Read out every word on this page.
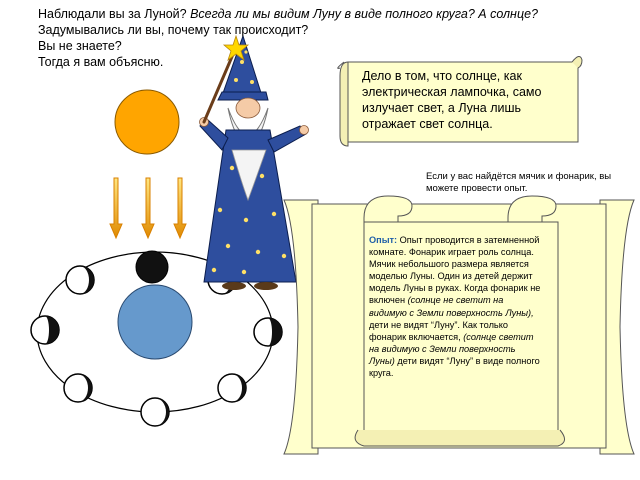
Наблюдали вы за Луной? Всегда ли мы видим Луну в виде полного круга? А солнце?
Задумывались ли вы, почему так происходит?
Вы не знаете?
Тогда я вам объясню.

Дело в том, что солнце, как электрическая лампочка, само излучает свет, а Луна лишь отражает свет солнца.

Если у вас найдётся мячик и фонарик, вы можете провести опыт.

Опыт: Опыт проводится в затемненной комнате. Фонарик играет роль солнца. Мячик небольшого размера является моделью Луны. Один из детей держит модель Луны в руках. Когда фонарик не включен (солнце не светит на видимую с Земли поверхность Луны), дети не видят “Луну”. Как только фонарик включается, (солнце светит на видимую с Земли поверхность Луны) дети видят “Луну” в виде полного круга.
